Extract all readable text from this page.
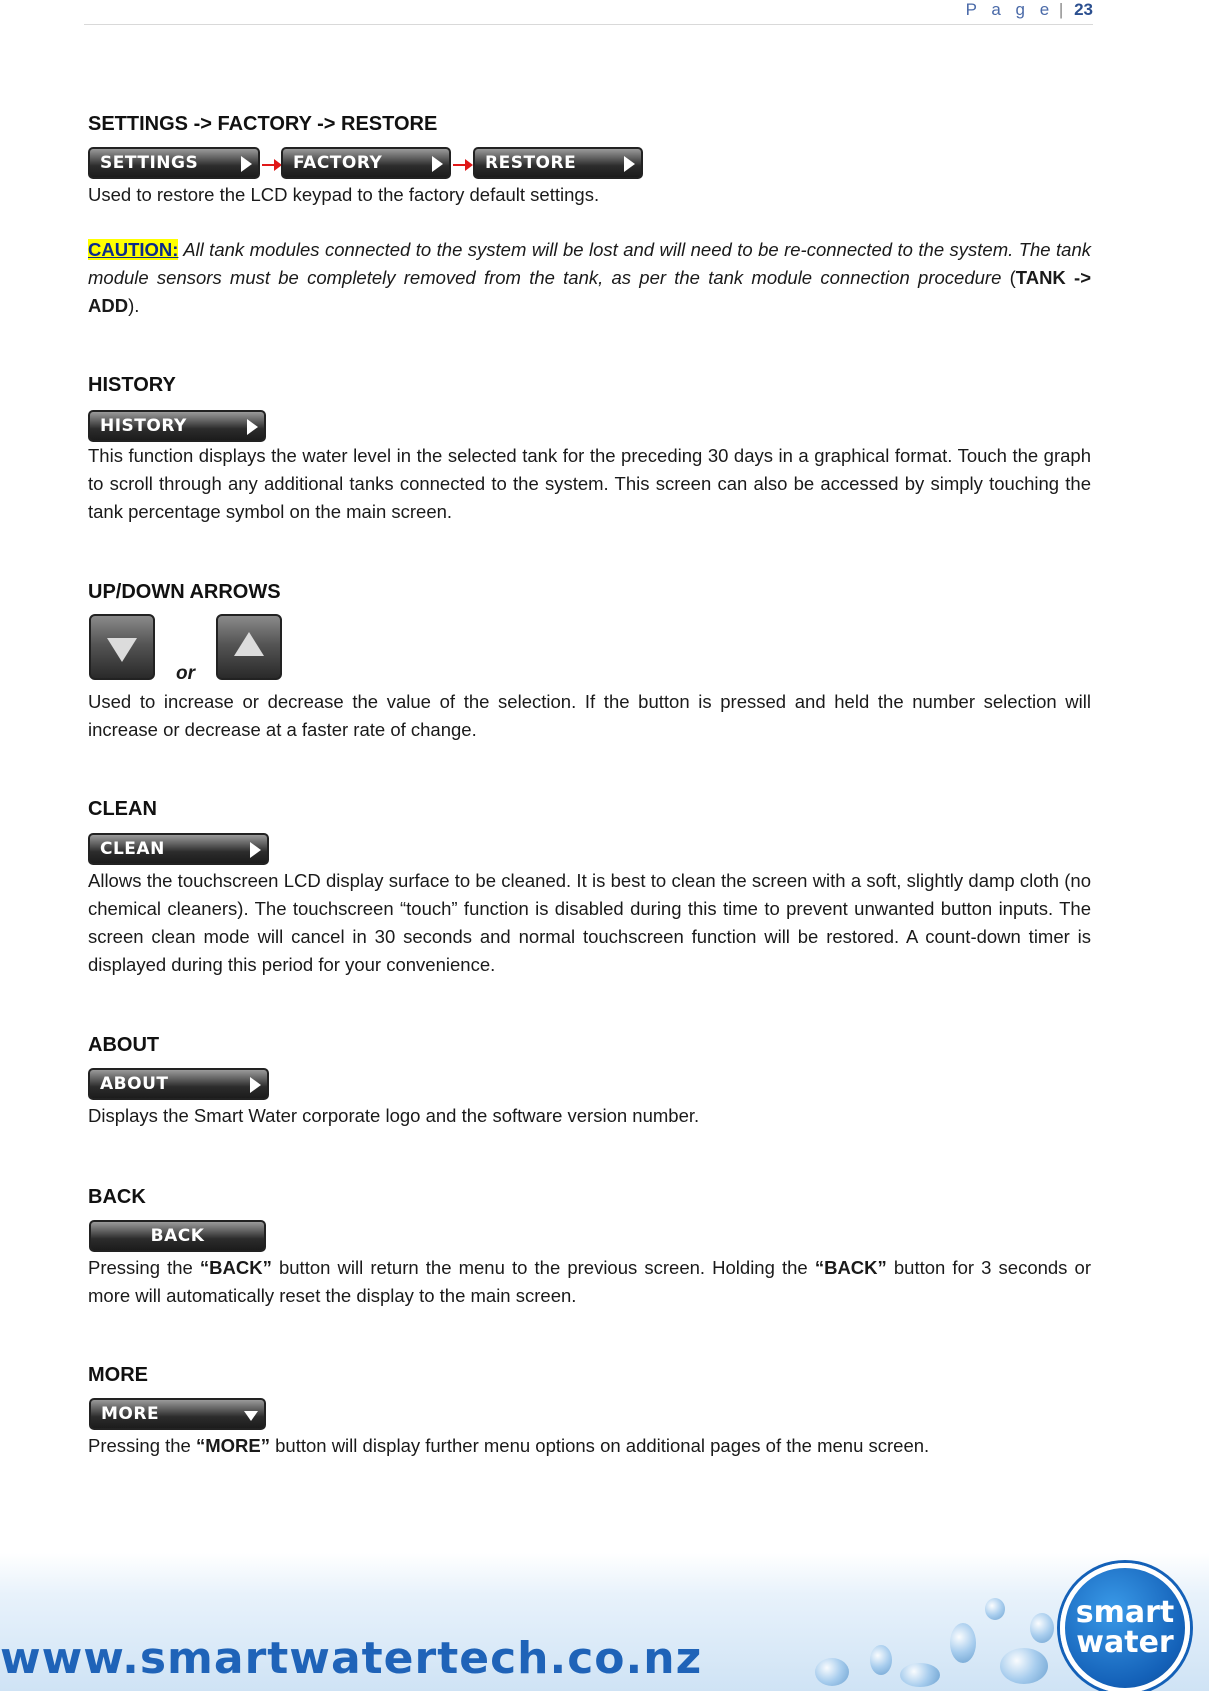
P a g e | 23
SETTINGS -> FACTORY -> RESTORE
SETTINGS	FACTORY	RESTORE
Used to restore the LCD keypad to the factory default settings.
CAUTION: All tank modules connected to the system will be lost and will need to be re-connected to the system. The tank module sensors must be completely removed from the tank, as per the tank module connection procedure (TANK -> ADD).
HISTORY
HISTORY
This function displays the water level in the selected tank for the preceding 30 days in a graphical format. Touch the graph to scroll through any additional tanks connected to the system. This screen can also be accessed by simply touching the tank percentage symbol on the main screen.
UP/DOWN ARROWS
or
Used to increase or decrease the value of the selection. If the button is pressed and held the number selection will increase or decrease at a faster rate of change.
CLEAN
CLEAN
Allows the touchscreen LCD display surface to be cleaned. It is best to clean the screen with a soft, slightly damp cloth (no chemical cleaners). The touchscreen “touch” function is disabled during this time to prevent unwanted button inputs. The screen clean mode will cancel in 30 seconds and normal touchscreen function will be restored. A count-down timer is displayed during this period for your convenience.
ABOUT
ABOUT
Displays the Smart Water corporate logo and the software version number.
BACK
BACK
Pressing the “BACK” button will return the menu to the previous screen. Holding the “BACK” button for 3 seconds or more will automatically reset the display to the main screen.
MORE
MORE
Pressing the “MORE” button will display further menu options on additional pages of the menu screen.
www.smartwatertech.co.nz
smart
water
